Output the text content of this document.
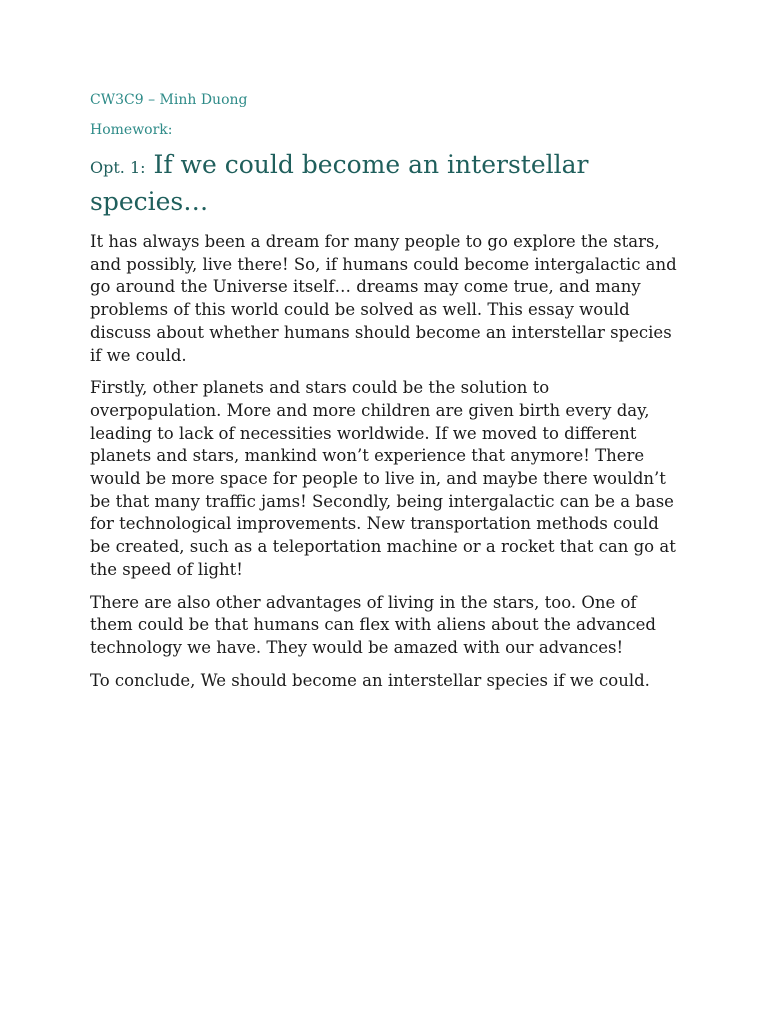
CW3C9 – Minh Duong
Homework:
Opt. 1: If we could become an interstellar species…

It has always been a dream for many people to go explore the stars, and possibly, live there! So, if humans could become intergalactic and go around the Universe itself… dreams may come true, and many problems of this world could be solved as well. This essay would discuss about whether humans should become an interstellar species if we could.

Firstly, other planets and stars could be the solution to overpopulation. More and more children are given birth every day, leading to lack of necessities worldwide. If we moved to different planets and stars, mankind won’t experience that anymore! There would be more space for people to live in, and maybe there wouldn’t be that many traffic jams! Secondly, being intergalactic can be a base for technological improvements. New transportation methods could be created, such as a teleportation machine or a rocket that can go at the speed of light!

There are also other advantages of living in the stars, too. One of them could be that humans can flex with aliens about the advanced technology we have. They would be amazed with our advances!

To conclude, We should become an interstellar species if we could.
